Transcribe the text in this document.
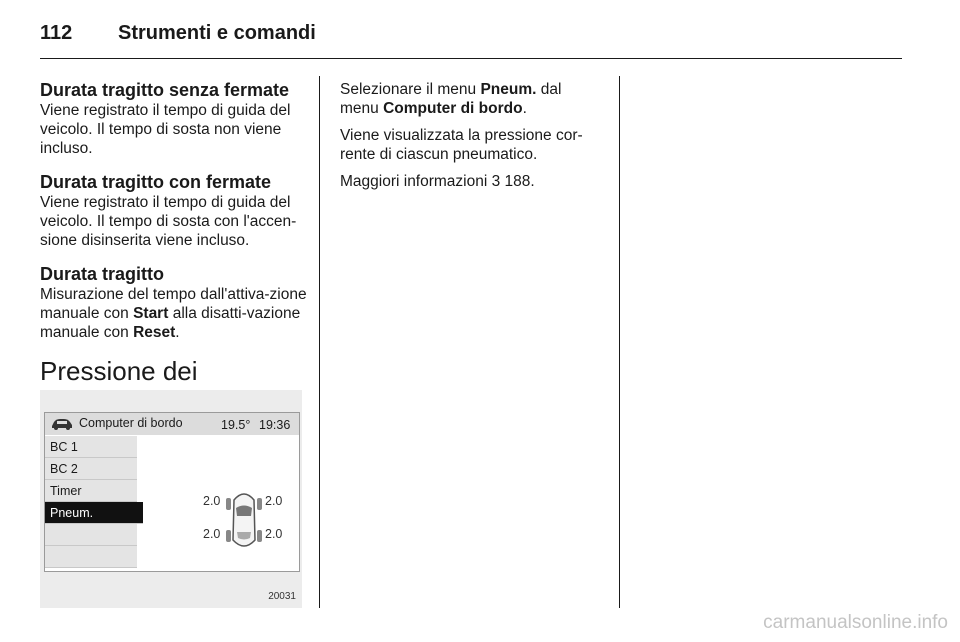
112 Strumenti e comandi
Durata tragitto senza fermate

Viene registrato il tempo di guida del veicolo. Il tempo di sosta non viene incluso.

Durata tragitto con fermate

Viene registrato il tempo di guida del veicolo. Il tempo di sosta con l'accen-sione disinserita viene incluso.

Durata tragitto

Misurazione del tempo dall'attiva-zione manuale con Start alla disatti-vazione manuale con Reset.

Pressione dei
Computer di bordo	19.5° 19:36
BC 1
BC 2
Timer
Pneum.
2.0	2.0
2.0	2.0
20031

Selezionare il menu Pneum. dal menu Computer di bordo.

Viene visualizzata la pressione cor-rente di ciascun pneumatico.

Maggiori informazioni 3 188.

carmanualsonline.info
